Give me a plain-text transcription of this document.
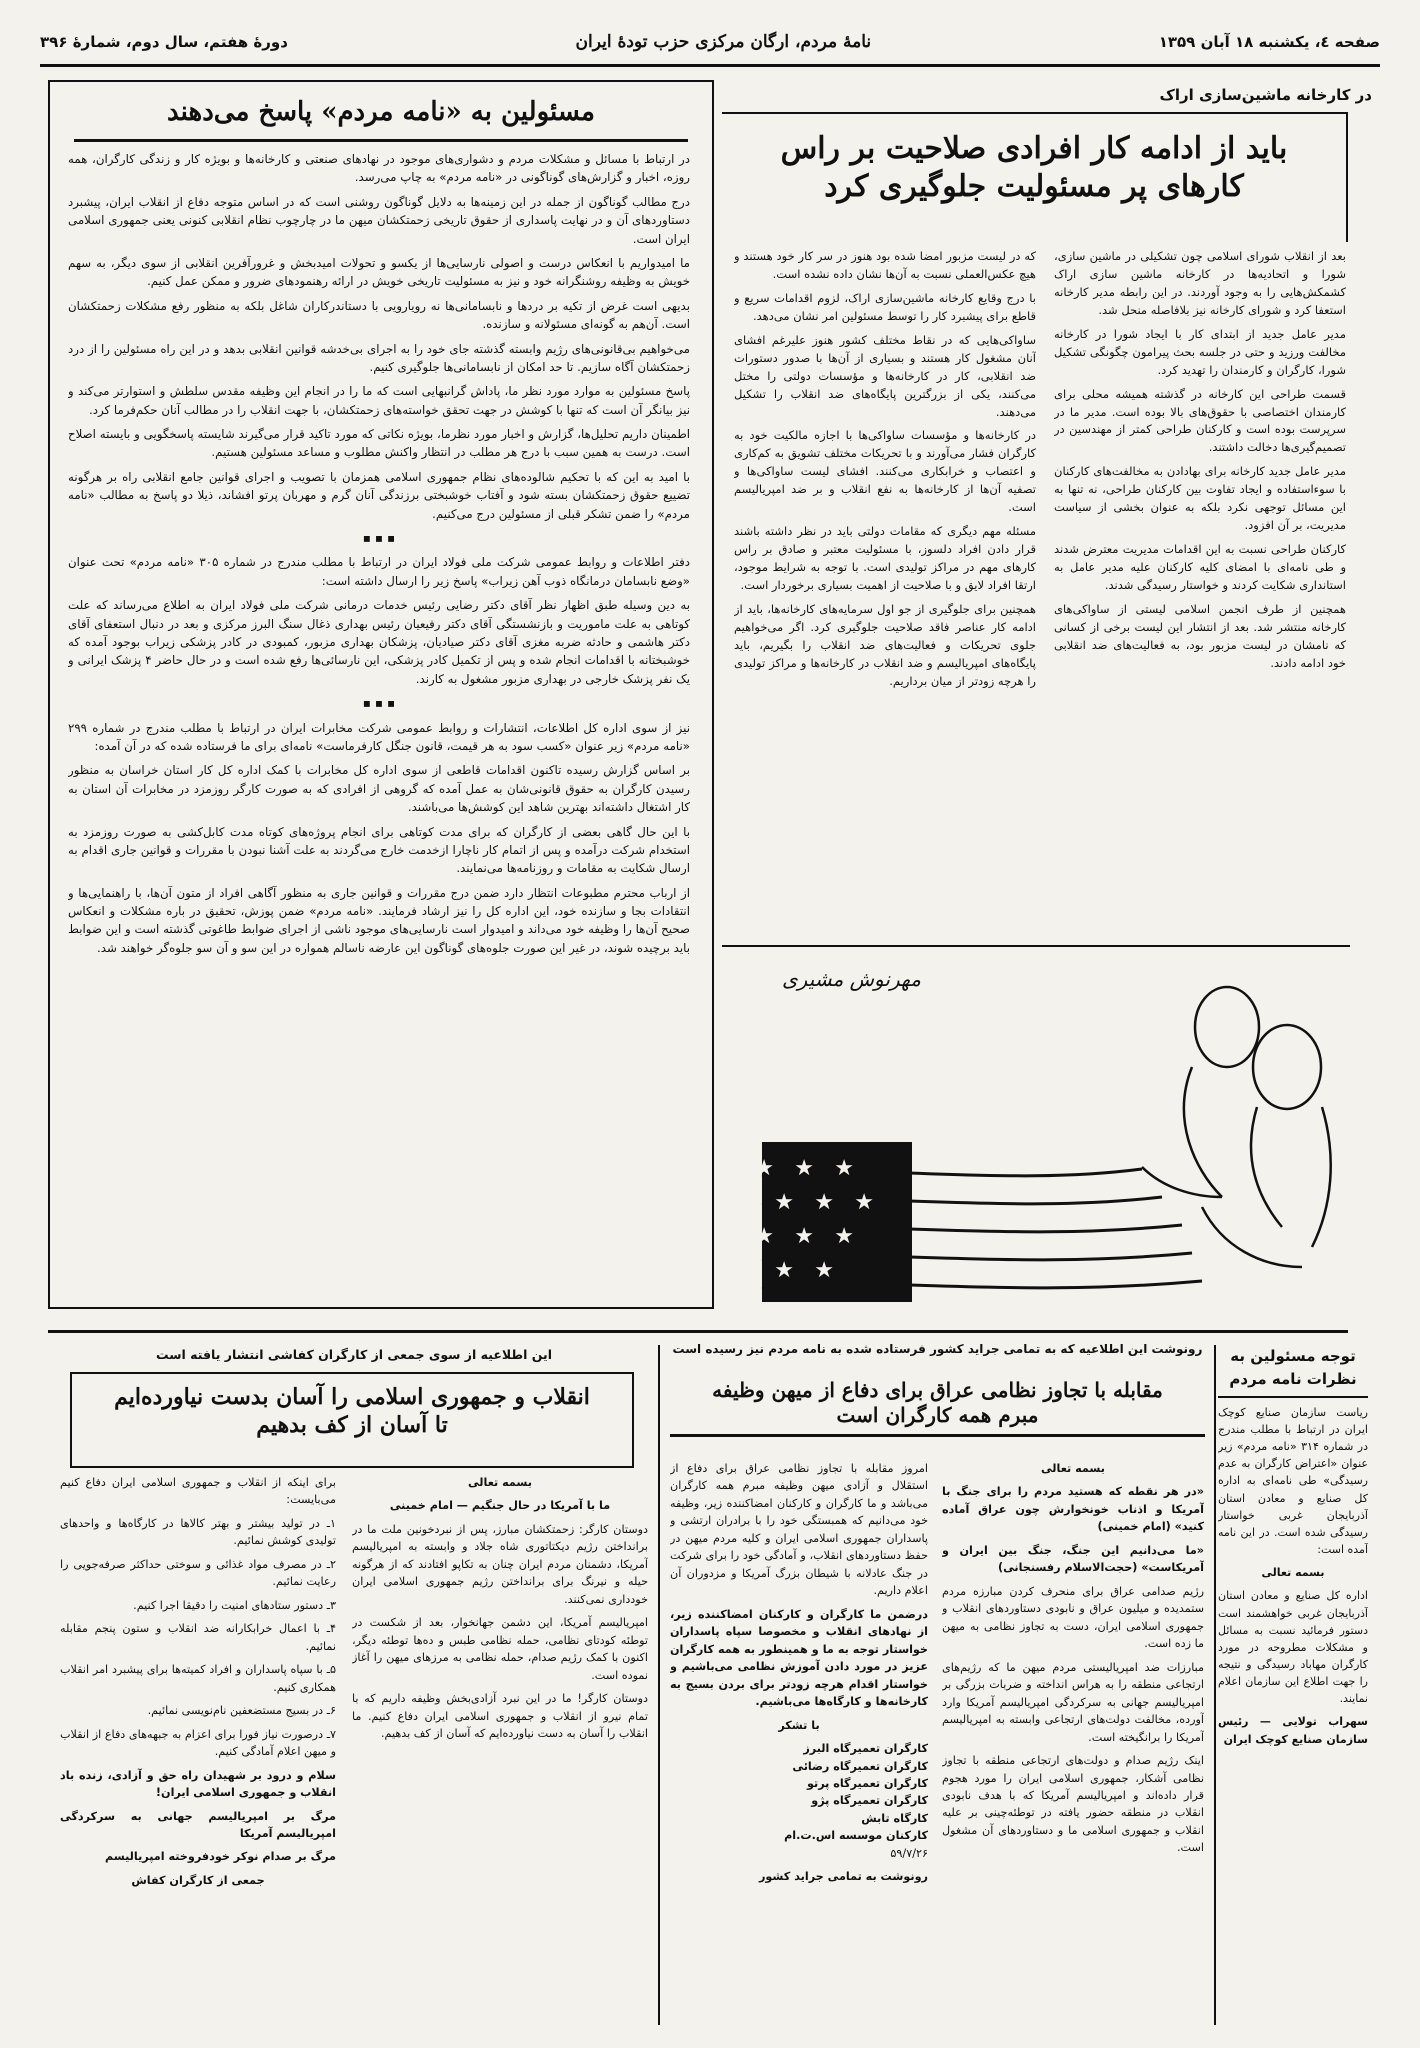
صفحه ٤، یکشنبه ۱۸ آبان ۱۳۵۹
نامهٔ مردم، ارگان مرکزی حزب تودهٔ ایران
دورهٔ هفتم، سال دوم، شمارهٔ ۳۹۶
در کارخانه ماشین‌سازی اراک

باید از ادامه کار افرادی صلاحیت بر راس

کارهای پر مسئولیت جلوگیری کرد

بعد از انقلاب شورای اسلامی چون تشکیلی در ماشین سازی، شورا و اتحادیه‌ها در کارخانه ماشین سازی اراک کشمکش‌هایی را به وجود آوردند. در این رابطه مدیر کارخانه استعفا کرد و شورای کارخانه نیز بلافاصله منحل شد.

مدیر عامل جدید از ابتدای کار با ایجاد شورا در کارخانه مخالفت ورزید و حتی در جلسه بحث پیرامون چگونگی تشکیل شورا، کارگران و کارمندان را تهدید کرد.

قسمت طراحی این کارخانه در گذشته همیشه محلی برای کارمندان اختصاصی با حقوق‌های بالا بوده است. مدیر ما در سرپرست بوده است و کارکنان طراحی کمتر از مهندسین در تصمیم‌گیری‌ها دخالت داشتند.

مدیر عامل جدید کارخانه برای بهادادن به مخالفت‌های کارکنان با سوءاستفاده و ایجاد تفاوت بین کارکنان طراحی، نه تنها به این مسائل توجهی نکرد بلکه به عنوان بخشی از سیاست مدیریت، بر آن افزود.

کارکنان طراحی نسبت به این اقدامات مدیریت معترض شدند و طی نامه‌ای با امضای کلیه کارکنان علیه مدیر عامل به استانداری شکایت کردند و خواستار رسیدگی شدند.

همچنین از طرف انجمن اسلامی لیستی از ساواکی‌های کارخانه منتشر شد. بعد از انتشار این لیست برخی از کسانی که نامشان در لیست مزبور بود، به فعالیت‌های ضد انقلابی خود ادامه دادند.

که در لیست مزبور امضا شده بود هنوز در سر کار خود هستند و هیچ عکس‌العملی نسبت به آن‌ها نشان داده نشده است.

با درج وقایع کارخانه ماشین‌سازی اراک، لزوم اقدامات سریع و قاطع برای پیشبرد کار را توسط مسئولین امر نشان می‌دهد.

ساواکی‌هایی که در نقاط مختلف کشور هنوز علیرغم افشای آنان مشغول کار هستند و بسیاری از آن‌ها با صدور دستورات ضد انقلابی، کار در کارخانه‌ها و مؤسسات دولتی را مختل می‌کنند، یکی از بزرگترین پایگاه‌های ضد انقلاب را تشکیل می‌دهند.

در کارخانه‌ها و مؤسسات ساواکی‌ها با اجازه مالکیت خود به کارگران فشار می‌آورند و با تحریکات مختلف تشویق به کم‌کاری و اعتصاب و خرابکاری می‌کنند. افشای لیست ساواکی‌ها و تصفیه آن‌ها از کارخانه‌ها به نفع انقلاب و بر ضد امپریالیسم است.

مسئله مهم دیگری که مقامات دولتی باید در نظر داشته باشند قرار دادن افراد دلسوز، با مسئولیت معتبر و صادق بر راس کارهای مهم در مراکز تولیدی است. با توجه به شرایط موجود، ارتقا افراد لایق و با صلاحیت از اهمیت بسیاری برخوردار است.

همچنین برای جلوگیری از جو اول سرمایه‌های کارخانه‌ها، باید از ادامه کار عناصر فاقد صلاحیت جلوگیری کرد. اگر می‌خواهیم جلوی تحریکات و فعالیت‌های ضد انقلاب را بگیریم، باید پایگاه‌های امپریالیسم و ضد انقلاب در کارخانه‌ها و مراکز تولیدی را هرچه زودتر از میان برداریم.

مهرنوش مشیری
★ ★ ★
★ ★ ★
★ ★ ★
★ ★

مسئولین به «نامه مردم» پاسخ می‌دهند

در ارتباط با مسائل و مشکلات مردم و دشواری‌های موجود در نهادهای صنعتی و کارخانه‌ها و بویژه کار و زندگی کارگران، همه روزه، اخبار و گزارش‌های گوناگونی در «نامه مردم» به چاپ می‌رسد.

درج مطالب گوناگون از جمله در این زمینه‌ها به دلایل گوناگون روشنی است که در اساس متوجه دفاع از انقلاب ایران، پیشبرد دستاوردهای آن و در نهایت پاسداری از حقوق تاریخی زحمتکشان میهن ما در چارچوب نظام انقلابی کنونی یعنی جمهوری اسلامی ایران است.

ما امیدواریم با انعکاس درست و اصولی نارسایی‌ها از یکسو و تحولات امیدبخش و غرورآفرین انقلابی از سوی دیگر، به سهم خویش به وظیفه روشنگرانه خود و نیز به مسئولیت تاریخی خویش در ارائه رهنمودهای ضرور و ممکن عمل کنیم.

بدیهی است غرض از تکیه بر دردها و نابسامانی‌ها نه رویارویی با دستاندرکاران شاغل بلکه به منظور رفع مشکلات زحمتکشان است. آن‌هم به گونه‌ای مسئولانه و سازنده.

می‌خواهیم بی‌قانونی‌های رژیم وابسته گذشته جای خود را به اجرای بی‌خدشه قوانین انقلابی بدهد و در این راه مسئولین را از درد زحمتکشان آگاه سازیم. تا حد امکان از نابسامانی‌ها جلوگیری کنیم.

پاسخ مسئولین به موارد مورد نظر ما، پاداش گرانبهایی است که ما را در انجام این وظیفه مقدس سلطش و استوارتر می‌کند و نیز بیانگر آن است که تنها با کوشش در جهت تحقق خواسته‌های زحمتکشان، با جهت انقلاب را در مطالب آنان حکم‌فرما کرد.

اطمینان داریم تحلیل‌ها، گزارش و اخبار مورد نظرما، بویژه نکاتی که مورد تاکید قرار می‌گیرند شایسته پاسخگویی و بایسته اصلاح است. درست به همین سبب با درج هر مطلب در انتظار واکنش مطلوب و مساعد مسئولین هستیم.

با امید به این که با تحکیم شالوده‌های نظام جمهوری اسلامی همزمان با تصویب و اجرای قوانین جامع انقلابی راه بر هرگونه تضییع حقوق زحمتکشان بسته شود و آفتاب خوشبختی برزندگی آنان گرم و مهربان پرتو افشاند، ذیلا دو پاسخ به مطالب «نامه مردم» را ضمن تشکر قبلی از مسئولین درج می‌کنیم.

▪ ▪ ▪

دفتر اطلاعات و روابط عمومی شرکت ملی فولاد ایران در ارتباط با مطلب مندرج در شماره ۳۰۵ «نامه مردم» تحت عنوان «وضع نابسامان درمانگاه ذوب آهن زیراب» پاسخ زیر را ارسال داشته است:

به دین وسیله طبق اظهار نظر آقای دکتر رضایی رئیس خدمات درمانی شرکت ملی فولاد ایران به اطلاع می‌رساند که علت کوتاهی به علت ماموریت و بازنشستگی آقای دکتر رفیعیان رئیس بهداری ذغال سنگ البرز مرکزی و بعد در دنبال استعفای آقای دکتر هاشمی و حادثه ضربه مغزی آقای دکتر صیادیان، پزشکان بهداری مزبور، کمبودی در کادر پزشکی زیراب بوجود آمده که خوشبختانه با اقدامات انجام شده و پس از تکمیل کادر پزشکی، این نارسائی‌ها رفع شده است و در حال حاضر ۴ پزشک ایرانی و یک نفر پزشک خارجی در بهداری مزبور مشغول به کارند.

▪ ▪ ▪

نیز از سوی اداره کل اطلاعات، انتشارات و روابط عمومی شرکت مخابرات ایران در ارتباط با مطلب مندرج در شماره ۲۹۹ «نامه مردم» زیر عنوان «کسب سود به هر قیمت، قانون جنگل کارفرماست» نامه‌ای برای ما فرستاده شده که در آن آمده:

بر اساس گزارش رسیده تاکنون اقدامات قاطعی از سوی اداره کل مخابرات با کمک اداره کل کار استان خراسان به منظور رسیدن کارگران به حقوق قانونی‌شان به عمل آمده که گروهی از افرادی که به صورت کارگر روزمزد در مخابرات آن استان به کار اشتغال داشته‌اند بهترین شاهد این کوشش‌ها می‌باشند.

با این حال گاهی بعضی از کارگران که برای مدت کوتاهی برای انجام پروژه‌های کوتاه مدت کابل‌کشی به صورت روزمزد به استخدام شرکت درآمده و پس از اتمام کار ناچارا ازخدمت خارج می‌گردند به علت آشنا نبودن با مقررات و قوانین جاری اقدام به ارسال شکایت به مقامات و روزنامه‌ها می‌نمایند.

از ارباب محترم مطبوعات انتظار دارد ضمن درج مقررات و قوانین جاری به منظور آگاهی افراد از متون آن‌ها، با راهنمایی‌ها و انتقادات بجا و سازنده خود، این اداره کل را نیز ارشاد فرمایند. «نامه مردم» ضمن پوزش، تحقیق در باره مشکلات و انعکاس صحیح آن‌ها را وظیفه خود می‌داند و امیدوار است نارسایی‌های موجود ناشی از اجرای ضوابط طاغوتی گذشته است و این ضوابط باید برچیده شوند، در غیر این صورت جلوه‌های گوناگون این عارضه ناسالم همواره در این سو و آن سو جلوه‌گر خواهند شد.

توجه مسئولین به

نظرات نامه مردم

ریاست سازمان صنایع کوچک ایران در ارتباط با مطلب مندرج در شماره ۳۱۴ «نامه مردم» زیر عنوان «اعتراض کارگران به عدم رسیدگی» طی نامه‌ای به اداره کل صنایع و معادن استان آذربایجان غربی خواستار رسیدگی شده است. در این نامه آمده است:

بسمه تعالی

اداره کل صنایع و معادن استان آذربایجان غربی خواهشمند است دستور فرمائید نسبت به مسائل و مشکلات مطروحه در مورد کارگران مهاباد رسیدگی و نتیجه را جهت اطلاع این سازمان اعلام نمایند.

سهراب تولایی — رئیس سازمان صنایع کوچک ایران

رونوشت این اطلاعیه که به تمامی جراید کشور فرستاده شده به نامه مردم نیز رسیده است

مقابله با تجاوز نظامی عراق برای دفاع از میهن وظیفه

مبرم همه کارگران است

بسمه تعالی

«در هر نقطه که هستید مردم را برای جنگ با آمریکا و اذناب خونخوارش چون عراق آماده کنید» (امام خمینی)

«ما می‌دانیم این جنگ، جنگ بین ایران و آمریکاست» (حجت‌الاسلام رفسنجانی)

رژیم صدامی عراق برای منحرف کردن مبارزه مردم ستمدیده و میلیون عراق و نابودی دستاوردهای انقلاب و جمهوری اسلامی ایران، دست به تجاوز نظامی به میهن ما زده است.

مبارزات ضد امپریالیستی مردم میهن ما که رژیم‌های ارتجاعی منطقه را به هراس انداخته و ضربات بزرگی بر امپریالیسم جهانی به سرکردگی امپریالیسم آمریکا وارد آورده، مخالفت دولت‌های ارتجاعی وابسته به امپریالیسم آمریکا را برانگیخته است.

اینک رژیم صدام و دولت‌های ارتجاعی منطقه با تجاوز نظامی آشکار، جمهوری اسلامی ایران را مورد هجوم قرار داده‌اند و امپریالیسم آمریکا که با هدف نابودی انقلاب در منطقه حضور یافته در توطئه‌چینی بر علیه انقلاب و جمهوری اسلامی ما و دستاوردهای آن مشغول است.

امروز مقابله با تجاوز نظامی عراق برای دفاع از استقلال و آزادی میهن وظیفه مبرم همه کارگران می‌باشد و ما کارگران و کارکنان امضاکننده زیر، وظیفه خود می‌دانیم که همبستگی خود را با برادران ارتشی و پاسداران جمهوری اسلامی ایران و کلیه مردم میهن در حفظ دستاوردهای انقلاب، و آمادگی خود را برای شرکت در جنگ عادلانه با شیطان بزرگ آمریکا و مزدوران آن اعلام داریم.

درضمن ما کارگران و کارکنان امضاکننده زیر، از نهادهای انقلاب و مخصوصا سپاه پاسداران خواستار توجه به ما و همینطور به همه کارگران عزیز در مورد دادن آموزش نظامی می‌باشیم و خواستار اقدام هرچه زودتر برای بردن بسیج به کارخانه‌ها و کارگاه‌ها می‌باشیم.

با تشکر

کارگران تعمیرگاه البرز
کارگران تعمیرگاه رضائی
کارگران تعمیرگاه پرتو
کارگران تعمیرگاه پژو
کارگاه تابش
کارکنان موسسه اس.ت.ام

۵۹/۷/۲۶

رونوشت به تمامی جراید کشور

این اطلاعیه از سوی جمعی از کارگران کفاشی انتشار یافته است

انقلاب و جمهوری اسلامی را آسان بدست نیاورده‌ایم

تا آسان از کف بدهیم

بسمه تعالی

ما با آمریکا در حال جنگیم — امام خمینی

دوستان کارگر: زحمتکشان مبارز، پس از نبردخونین ملت ما در برانداختن رژیم دیکتاتوری شاه جلاد و وابسته به امپریالیسم آمریکا، دشمنان مردم ایران چنان به تکاپو افتادند که از هرگونه حیله و نیرنگ برای برانداختن رژیم جمهوری اسلامی ایران خودداری نمی‌کنند.

امپریالیسم آمریکا، این دشمن جهانخوار، بعد از شکست در توطئه کودتای نظامی، حمله نظامی طبس و ده‌ها توطئه دیگر، اکنون با کمک رژیم صدام، حمله نظامی به مرزهای میهن را آغاز نموده است.

دوستان کارگر! ما در این نبرد آزادی‌بخش وظیفه داریم که با تمام نیرو از انقلاب و جمهوری اسلامی ایران دفاع کنیم. ما انقلاب را آسان به دست نیاورده‌ایم که آسان از کف بدهیم.

برای اینکه از انقلاب و جمهوری اسلامی ایران دفاع کنیم می‌بایست:

۱ـ در تولید بیشتر و بهتر کالاها در کارگاه‌ها و واحدهای تولیدی کوشش نمائیم.

۲ـ در مصرف مواد غذائی و سوختی حداکثر صرفه‌جویی را رعایت نمائیم.

۳ـ دستور ستادهای امنیت را دقیقا اجرا کنیم.

۴ـ با اعمال خرابکارانه ضد انقلاب و ستون پنجم مقابله نمائیم.

۵ـ با سپاه پاسداران و افراد کمیته‌ها برای پیشبرد امر انقلاب همکاری کنیم.

۶ـ در بسیج مستضعفین نام‌نویسی نمائیم.

۷ـ درصورت نیاز فورا برای اعزام به جبهه‌های دفاع از انقلاب و میهن اعلام آمادگی کنیم.

سلام و درود بر شهیدان راه حق و آزادی، زنده باد انقلاب و جمهوری اسلامی ایران!

مرگ بر امپریالیسم جهانی به سرکردگی امپریالیسم آمریکا

مرگ بر صدام نوکر خودفروخته امپریالیسم

جمعی از کارگران کفاش
